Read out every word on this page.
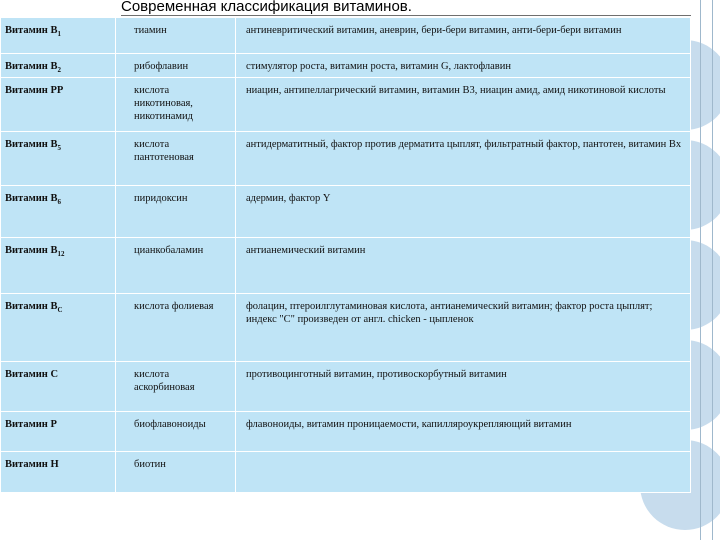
Современная классификация витаминов.
Витамин $B_1$	тиамин	антиневритический витамин, аневрин, бери-бери витамин, анти-бери-бери витамин
Витамин $B_2$	рибофлавин	стимулятор роста, витамин роста, витамин G, лактофлавин
Витамин PP	кислота никотиновая, никотинамид	ниацин, антипеллагрический витамин, витамин B3, ниацин амид, амид никотиновой кислоты
Витамин $B_5$	кислота пантотеновая	антидерматитный, фактор против дерматита цыплят, фильтратный фактор, пантотен, витамин Bx
Витамин $B_6$	пиридоксин	адермин, фактор Y
Витамин $B_{12}$	цианкобаламин	антианемический витамин
Витамин $B_C$	кислота фолиевая	фолацин, птероилглутаминовая кислота, антианемический витамин; фактор роста цыплят; индекс "C" произведен от англ. chicken - цыпленок
Витамин C	кислота аскорбиновая	противоцинготный витамин, противоскорбутный витамин
Витамин P	биофлавоноиды	флавоноиды, витамин проницаемости, капилляроукрепляющий витамин
Витамин H	биотин	
